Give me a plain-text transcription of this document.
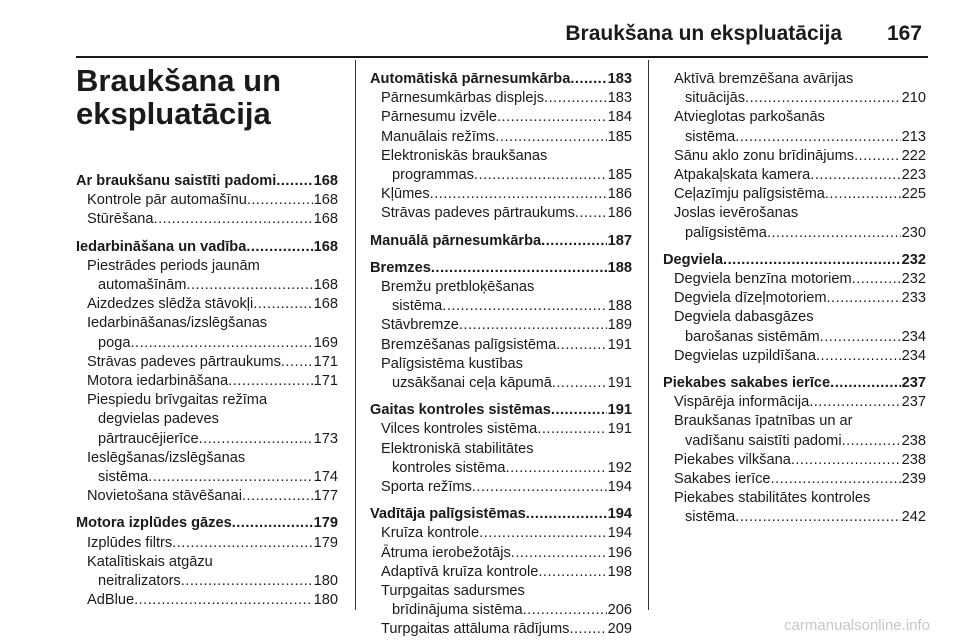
Braukšana un ekspluatācija 167
Braukšana un ekspluatācija
Ar braukšanu saistīti padomi .....	168
Kontrole pār automašīnu .....	168
Stūrēšana .....	168
Iedarbināšana un vadība .....	168
Piestrādes periods jaunām
automašīnām .....	168
Aizdedzes slēdža stāvokļi .....	168
Iedarbināšanas/izslēgšanas
poga .....	169
Strāvas padeves pārtraukums ..... 171
Motora iedarbināšana .....	171
Piespiedu brīvgaitas režīma
degvielas padeves
pārtraucējierīce .....	173
Ieslēgšanas/izslēgšanas
sistēma .....	174
Novietošana stāvēšanai .....	177
Motora izplūdes gāzes .....	179
Izplūdes filtrs .....	179
Katalītiskais atgāzu
neitralizators .....	180
AdBlue .....	180
Automātiskā pārnesumkārba .....	183
Pārnesumkārbas displejs .....	183
Pārnesumu izvēle .....	184
Manuālais režīms .....	185
Elektroniskās braukšanas
programmas .....	185
Kļūmes .....	186
Strāvas padeves pārtraukums ..... 186
Manuālā pārnesumkārba .....	187
Bremzes .....	188
Bremžu pretbloķēšanas
sistēma .....	188
Stāvbremze .....	189
Bremzēšanas palīgsistēma .....	191
Palīgsistēma kustības
uzsākšanai ceļa kāpumā .....	191
Gaitas kontroles sistēmas .....	191
Vilces kontroles sistēma .....	191
Elektroniskā stabilitātes
kontroles sistēma .....	192
Sporta režīms .....	194
Vadītāja palīgsistēmas .....	194
Kruīza kontrole .....	194
Ātruma ierobežotājs .....	196
Adaptīvā kruīza kontrole .....	198
Turpgaitas sadursmes
brīdinājuma sistēma .....	206
Turpgaitas attāluma rādījums .....	209
Aktīvā bremzēšana avārijas
situācijās .....	210
Atvieglotas parkošanās
sistēma .....	213
Sānu aklo zonu brīdinājums .....	222
Atpakaļskata kamera .....	223
Ceļazīmju palīgsistēma .....	225
Joslas ievērošanas
palīgsistēma .....	230
Degviela .....	232
Degviela benzīna motoriem .....	232
Degviela dīzeļmotoriem .....	233
Degviela dabasgāzes
barošanas sistēmām .....	234
Degvielas uzpildīšana .....	234
Piekabes sakabes ierīce .....	237
Vispārēja informācija .....	237
Braukšanas īpatnības un ar
vadīšanu saistīti padomi .....	238
Piekabes vilkšana .....	238
Sakabes ierīce .....	239
Piekabes stabilitātes kontroles
sistēma .....	242
carmanualsonline.info
